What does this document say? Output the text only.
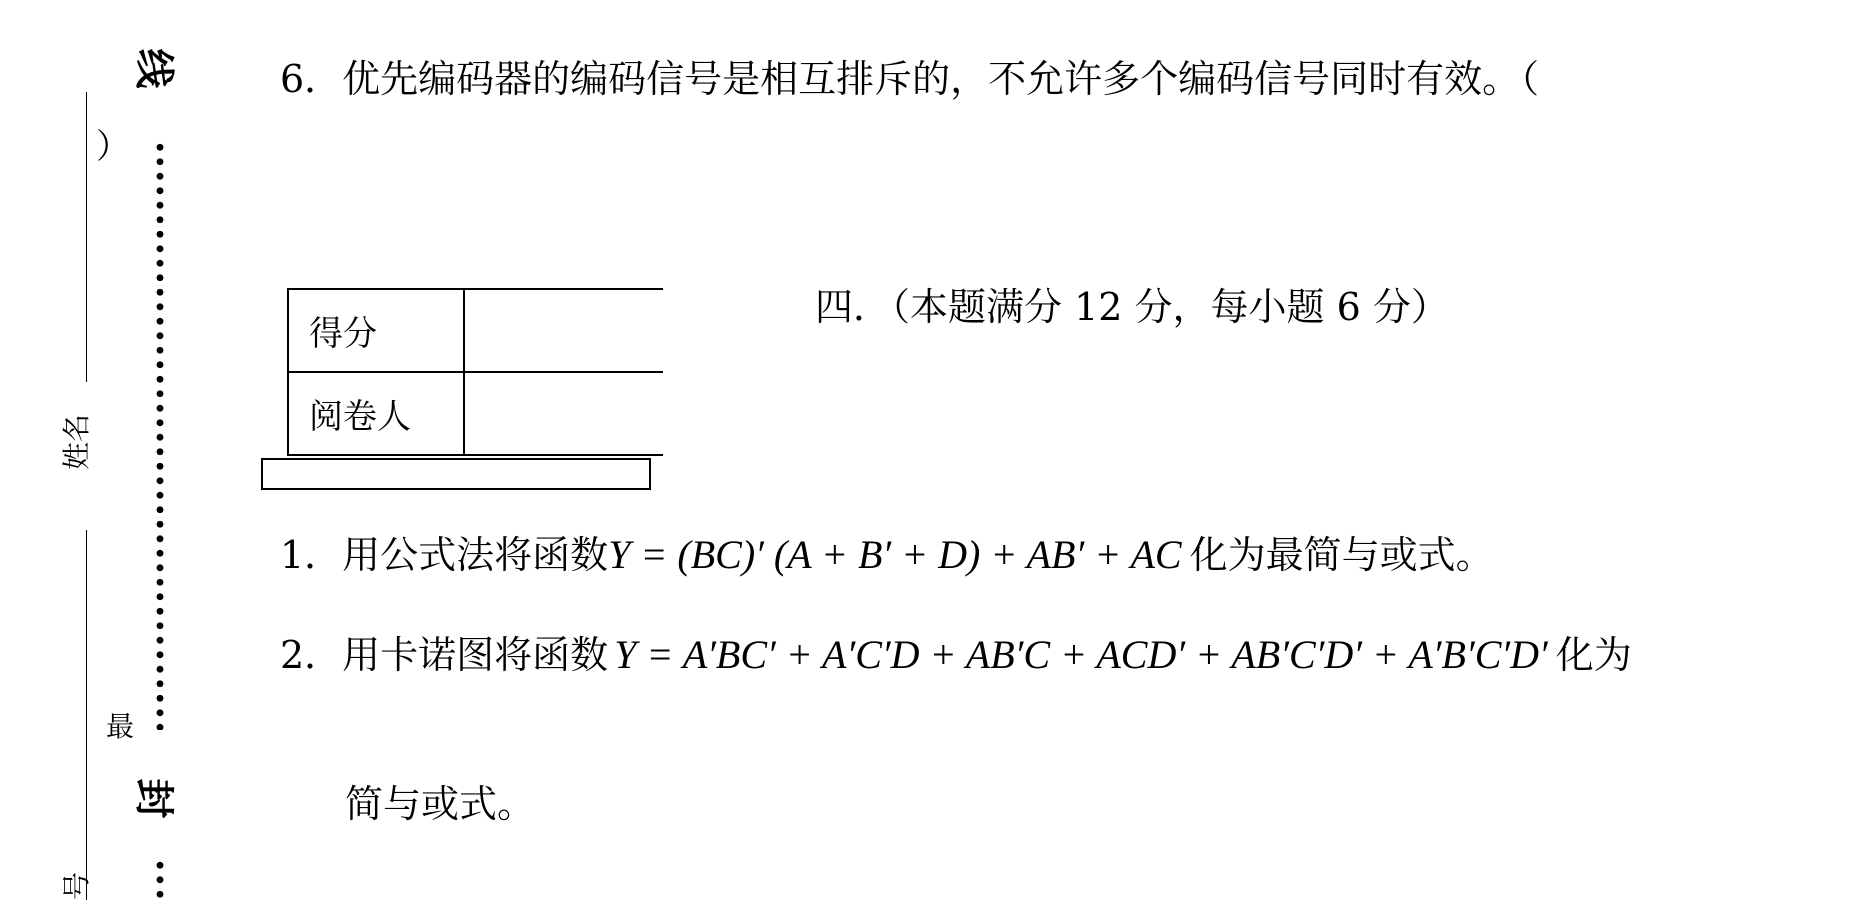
线
）
姓名
最
封
号
6．优先编码器的编码信号是相互排斥的，不允许多个编码信号同时有效。（
得分	
阅卷人	
四．（本题满分 12 分，每小题 6 分）
1．用公式法将函数Y = (BC)′ (A + B′ + D) + AB′ + AC 化为最简与或式。
2．用卡诺图将函数 Y = A′BC′ + A′C′D + AB′C + ACD′ + AB′C′D′ + A′B′C′D′ 化为
简与或式。
